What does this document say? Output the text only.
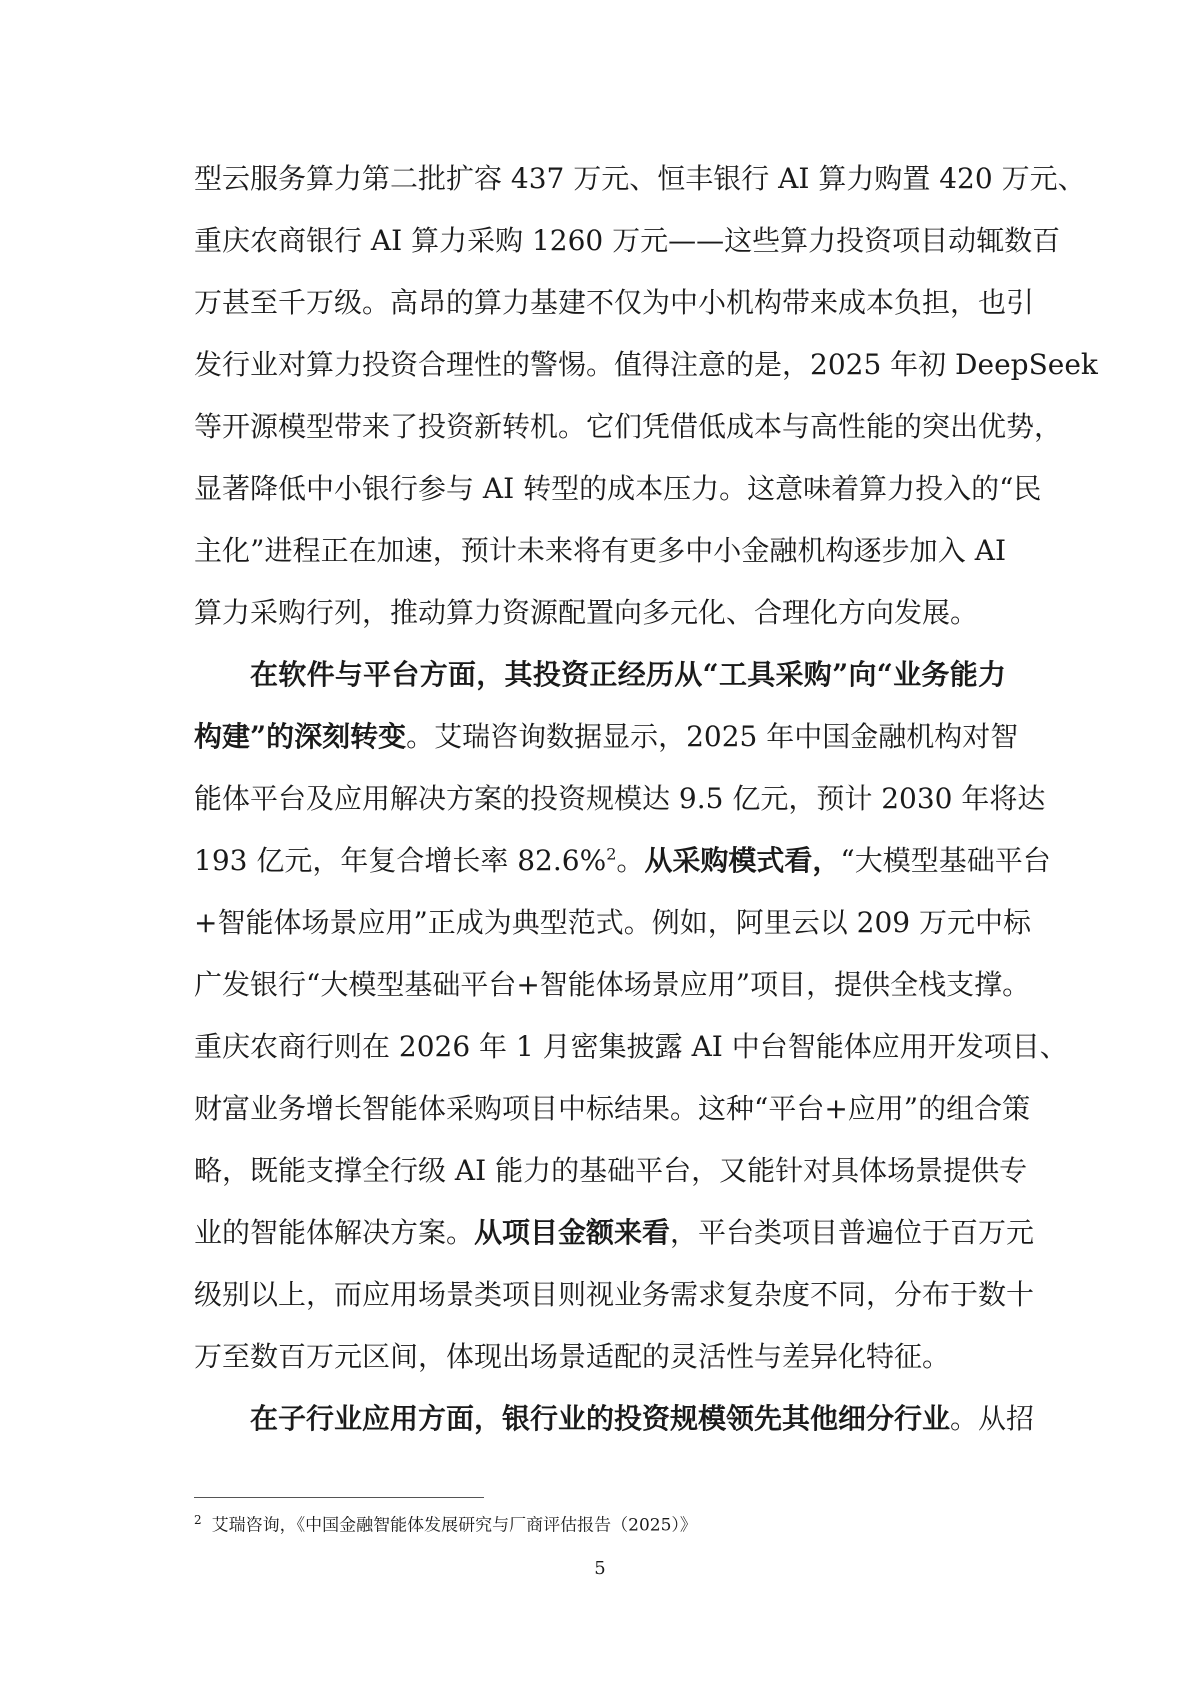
型云服务算力第二批扩容 437 万元、恒丰银行 AI 算力购置 420 万元、
重庆农商银行 AI 算力采购 1260 万元——这些算力投资项目动辄数百
万甚至千万级。高昂的算力基建不仅为中小机构带来成本负担，也引
发行业对算力投资合理性的警惕。值得注意的是，2025 年初 DeepSeek
等开源模型带来了投资新转机。它们凭借低成本与高性能的突出优势，
显著降低中小银行参与 AI 转型的成本压力。这意味着算力投入的“民
主化”进程正在加速，预计未来将有更多中小金融机构逐步加入 AI
算力采购行列，推动算力资源配置向多元化、合理化方向发展。
在软件与平台方面，其投资正经历从“工具采购”向“业务能力
构建”的深刻转变。艾瑞咨询数据显示，2025 年中国金融机构对智
能体平台及应用解决方案的投资规模达 9.5 亿元，预计 2030 年将达
193 亿元，年复合增长率 82.6%$^2$。从采购模式看，“大模型基础平台
+智能体场景应用”正成为典型范式。例如，阿里云以 209 万元中标
广发银行“大模型基础平台+智能体场景应用”项目，提供全栈支撑。
重庆农商行则在 2026 年 1 月密集披露 AI 中台智能体应用开发项目、
财富业务增长智能体采购项目中标结果。这种“平台+应用”的组合策
略，既能支撑全行级 AI 能力的基础平台，又能针对具体场景提供专
业的智能体解决方案。从项目金额来看，平台类项目普遍位于百万元
级别以上，而应用场景类项目则视业务需求复杂度不同，分布于数十
万至数百万元区间，体现出场景适配的灵活性与差异化特征。
在子行业应用方面，银行业的投资规模领先其他细分行业。从招
$^2$ 艾瑞咨询，《中国金融智能体发展研究与厂商评估报告（2025）》
5
